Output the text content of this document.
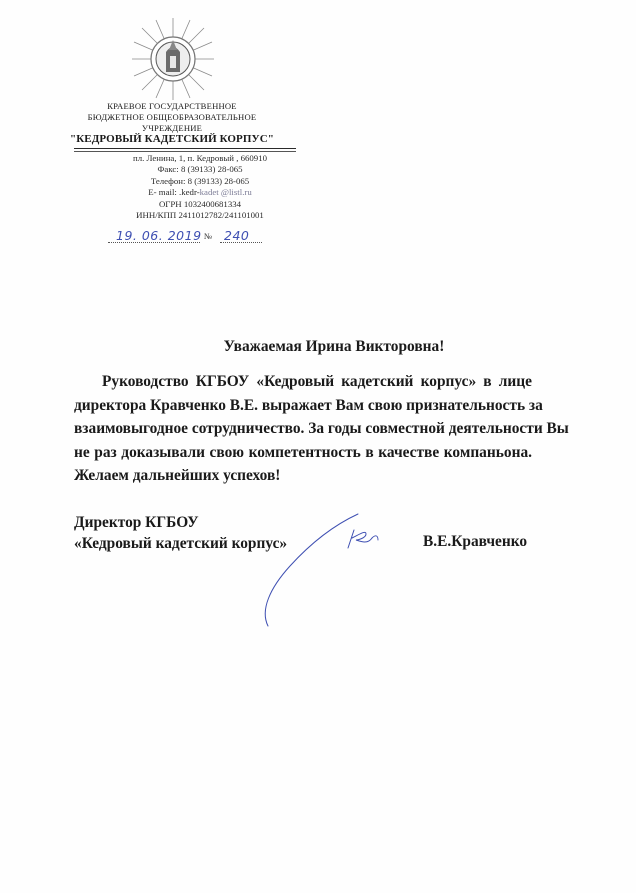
КРАЕВОЕ ГОСУДАРСТВЕННОЕ
БЮДЖЕТНОЕ ОБЩЕОБРАЗОВАТЕЛЬНОЕ
УЧРЕЖДЕНИЕ
"КЕДРОВЫЙ КАДЕТСКИЙ КОРПУС"
пл. Ленина, 1, п. Кедровый , 660910
Факс: 8 (39133) 28-065
Телефон: 8 (39133) 28-065
E- mail: .kedr-kadet @listl.ru
ОГРН 1032400681334
ИНН/КПП 2411012782/241101001
19. 06. 2019 № 240
Уважаемая Ирина Викторовна!
Руководство КГБОУ «Кедровый кадетский корпус» в лице
директора Кравченко В.Е. выражает Вам свою признательность за
взаимовыгодное сотрудничество. За годы совместной деятельности Вы
не раз доказывали свою компетентность в качестве компаньона.
Желаем дальнейших успехов!
Директор КГБОУ
«Кедровый кадетский корпус»	В.Е.Кравченко
